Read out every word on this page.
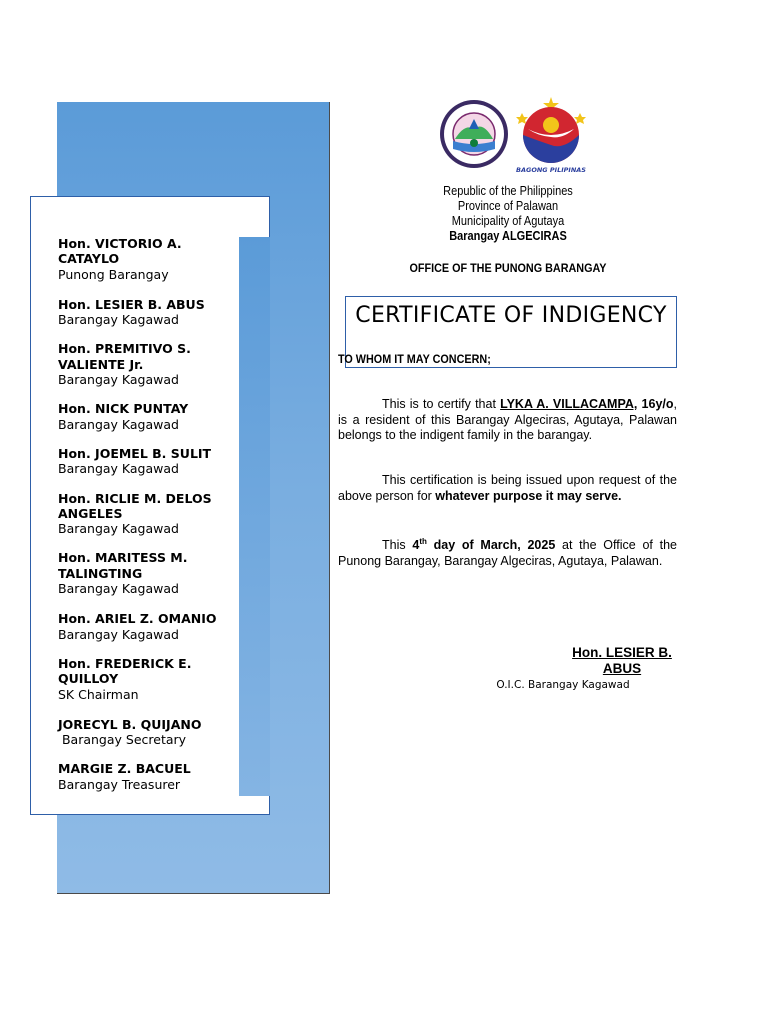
Hon. VICTORIO A. CATAYLO
Punong Barangay
Hon. LESIER B. ABUS
Barangay Kagawad
Hon. PREMITIVO S. VALIENTE Jr.
Barangay Kagawad
Hon. NICK PUNTAY
Barangay Kagawad
Hon. JOEMEL B. SULIT
Barangay Kagawad
Hon. RICLIE M. DELOS ANGELES
Barangay Kagawad
Hon. MARITESS M. TALINGTING
Barangay Kagawad
Hon. ARIEL Z. OMANIO
Barangay Kagawad
Hon. FREDERICK E. QUILLOY
SK Chairman
JORECYL B. QUIJANO
Barangay Secretary
MARGIE Z. BACUEL
Barangay Treasurer
BAGONG PILIPINAS
Republic of the Philippines
Province of Palawan
Municipality of Agutaya
Barangay ALGECIRAS
OFFICE OF THE PUNONG BARANGAY
CERTIFICATE OF INDIGENCY
TO WHOM IT MAY CONCERN;
This is to certify that LYKA A. VILLACAMPA, 16y/o, is a resident of this Barangay Algeciras, Agutaya, Palawan belongs to the indigent family in the barangay.
This certification is being issued upon request of the above person for whatever purpose it may serve.
This 4th day of March, 2025 at the Office of the Punong Barangay, Barangay Algeciras, Agutaya, Palawan.
Hon. LESIER B. ABUS
O.I.C. Barangay Kagawad
